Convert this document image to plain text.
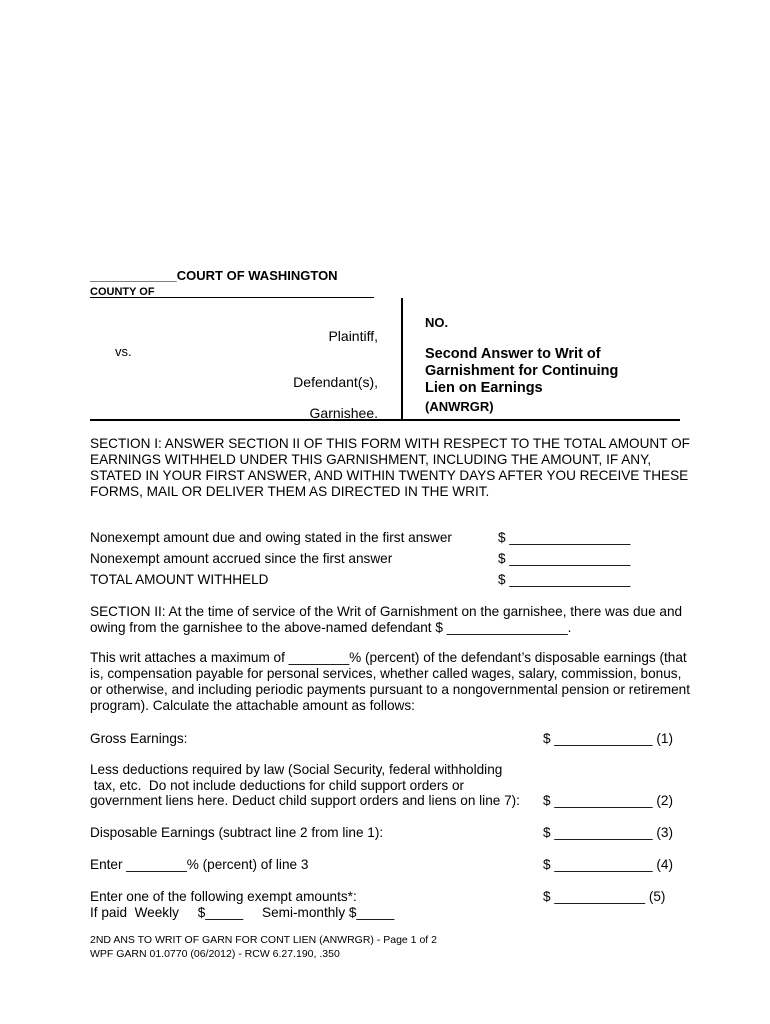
____________COURT OF WASHINGTON
COUNTY OF
Plaintiff,
vs.
Defendant(s),
Garnishee.
NO.
Second Answer to Writ of
Garnishment for Continuing
Lien on Earnings
(ANWRGR)
SECTION I: ANSWER SECTION II OF THIS FORM WITH RESPECT TO THE TOTAL AMOUNT OF EARNINGS WITHHELD UNDER THIS GARNISHMENT, INCLUDING THE AMOUNT, IF ANY, STATED IN YOUR FIRST ANSWER, AND WITHIN TWENTY DAYS AFTER YOU RECEIVE THESE FORMS, MAIL OR DELIVER THEM AS DIRECTED IN THE WRIT.
Nonexempt amount due and owing stated in the first answer	$ ________________
Nonexempt amount accrued since the first answer	$ ________________
TOTAL AMOUNT WITHHELD	$ ________________
SECTION II: At the time of service of the Writ of Garnishment on the garnishee, there was due and owing from the garnishee to the above-named defendant $ ________________.
This writ attaches a maximum of ________% (percent) of the defendant’s disposable earnings (that is, compensation payable for personal services, whether called wages, salary, commission, bonus, or otherwise, and including periodic payments pursuant to a nongovernmental pension or retirement program). Calculate the attachable amount as follows:
Gross Earnings:	$ _____________ (1)
Less deductions required by law (Social Security, federal withholding
tax, etc.  Do not include deductions for child support orders or
government liens here. Deduct child support orders and liens on line 7): $ _____________ (2)
Disposable Earnings (subtract line 2 from line 1):	$ _____________ (3)
Enter ________% (percent) of line 3	$ _____________ (4)
Enter one of the following exempt amounts*:
If paid  Weekly     $_____     Semi-monthly $_____
$ ____________ (5)
2ND ANS TO WRIT OF GARN FOR CONT LIEN (ANWRGR) - Page 1 of 2
WPF GARN 01.0770 (06/2012) - RCW 6.27.190, .350
